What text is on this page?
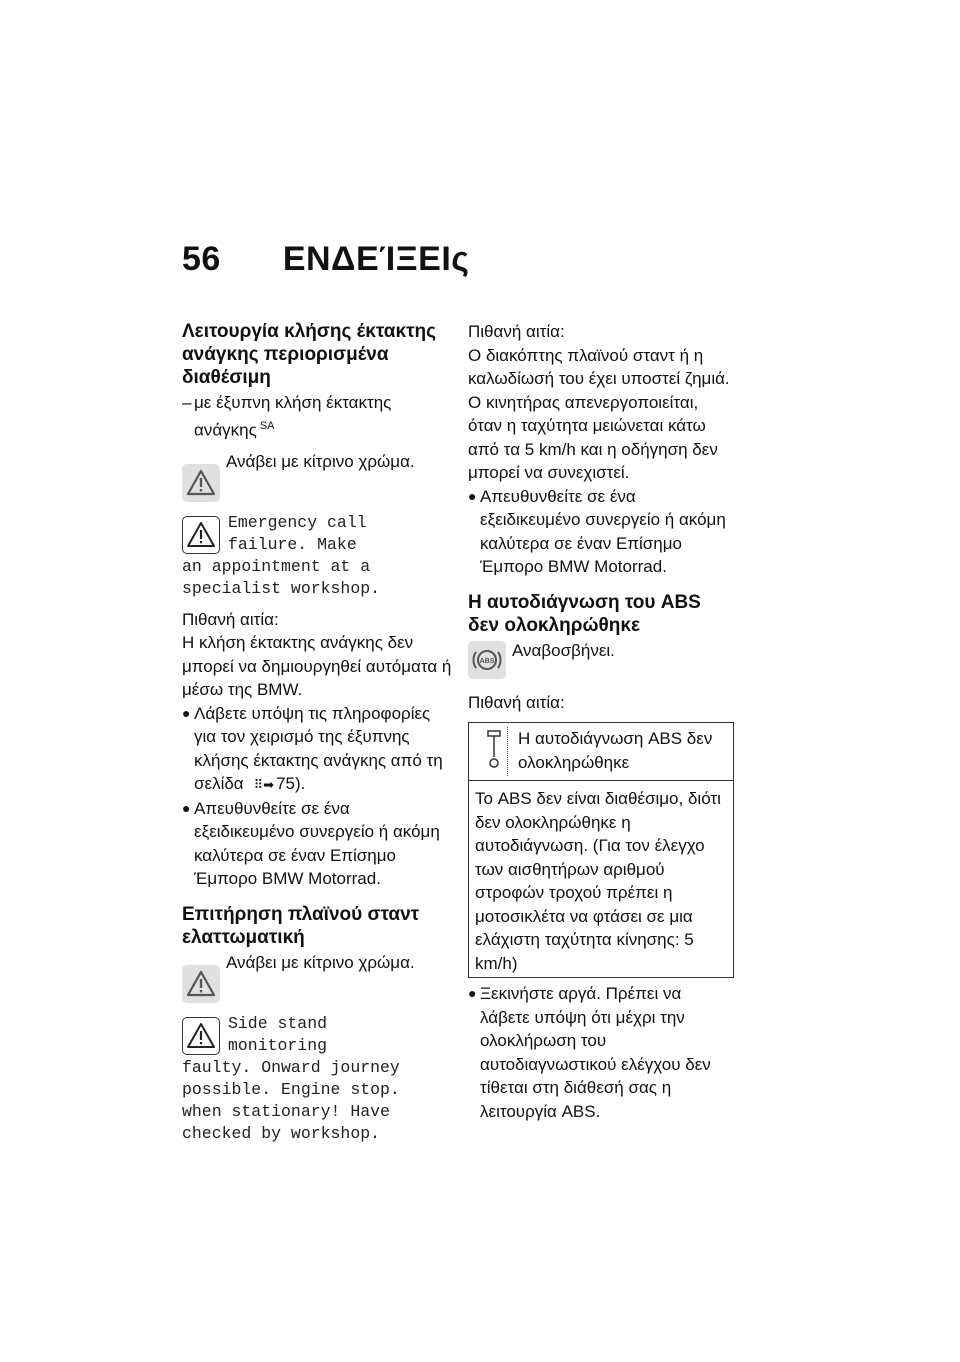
56 ΕΝΔΕΊΞΕΙς
Λειτουργία κλήσης έκτακτης ανάγκης περιορισμένα διαθέσιμη
– με έξυπνη κλήση έκτακτης ανάγκης $^{SA}$
Ανάβει με κίτρινο χρώμα.
Emergency call
failure. Make
an appointment at a
specialist workshop.
Πιθανή αιτία:
Η κλήση έκτακτης ανάγκης δεν μπορεί να δημιουργηθεί αυτόματα ή μέσω της BMW.
● Λάβετε υπόψη τις πληροφορίες για τον χειρισμό της έξυπνης κλήσης έκτακτης ανάγκης από τη σελίδα ⠿➡ 75).
● Απευθυνθείτε σε ένα εξειδικευμένο συνεργείο ή ακόμη καλύτερα σε έναν Επίσημο Έμπορο BMW Motorrad.
Επιτήρηση πλαϊνού σταντ ελαττωματική
Ανάβει με κίτρινο χρώμα.
Side stand
monitoring
faulty. Onward journey
possible. Engine stop.
when stationary! Have
checked by workshop.
Πιθανή αιτία:
Ο διακόπτης πλαϊνού σταντ ή η καλωδίωσή του έχει υποστεί ζημιά. Ο κινητήρας απενεργοποιείται, όταν η ταχύτητα μειώνεται κάτω από τα 5 km/h και η οδήγηση δεν μπορεί να συνεχιστεί.
● Απευθυνθείτε σε ένα εξειδικευμένο συνεργείο ή ακόμη καλύτερα σε έναν Επίσημο Έμπορο BMW Motorrad.
Η αυτοδιάγνωση του ABS δεν ολοκληρώθηκε
ABS
Αναβοσβήνει.
Πιθανή αιτία:
Η αυτοδιάγνωση ABS δεν ολοκληρώθηκε
Το ABS δεν είναι διαθέσιμο, διότι δεν ολοκληρώθηκε η αυτοδιάγνωση. (Για τον έλεγχο των αισθητήρων αριθμού στροφών τροχού πρέπει η μοτοσικλέτα να φτάσει σε μια ελάχιστη ταχύτητα κίνησης: 5 km/h)
● Ξεκινήστε αργά. Πρέπει να λάβετε υπόψη ότι μέχρι την ολοκλήρωση του αυτοδιαγνωστικού ελέγχου δεν τίθεται στη διάθεσή σας η λειτουργία ABS.
